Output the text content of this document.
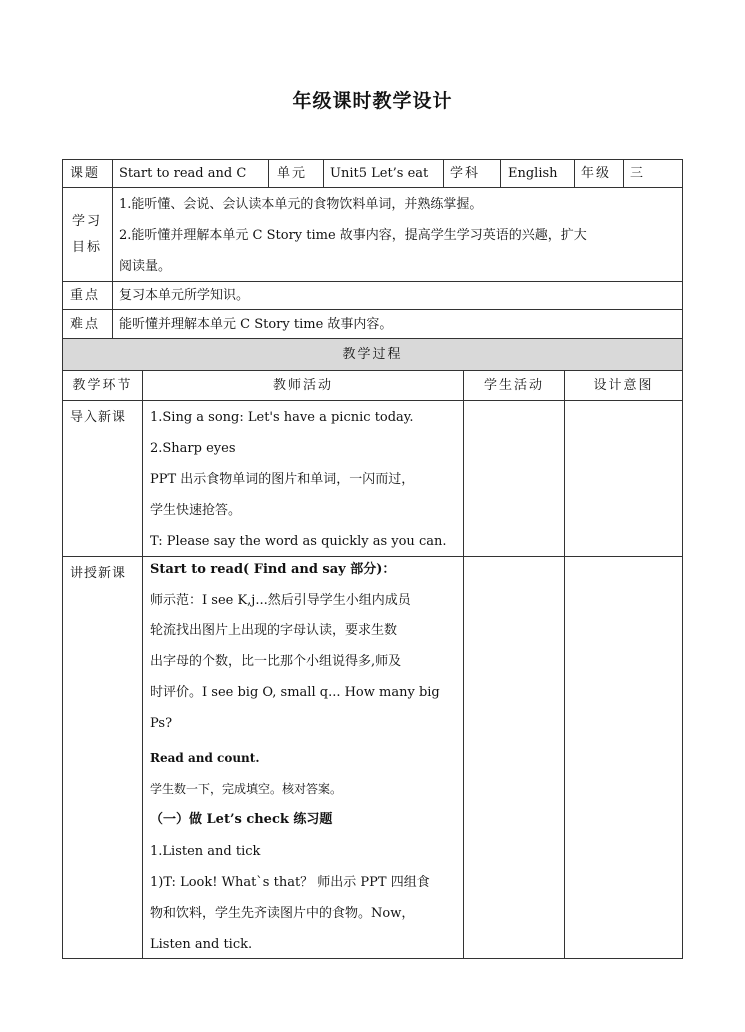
年级课时教学设计
课题 Start to read and C 单元 Unit5 Let’s eat 学科 English 年级 三
学习
目标
1.能听懂、会说、会认读本单元的食物饮料单词，并熟练掌握。
2.能听懂并理解本单元 C Story time 故事内容，提高学生学习英语的兴趣，扩大
阅读量。
重点 复习本单元所学知识。
难点 能听懂并理解本单元 C Story time 故事内容。
教学过程
教学环节	教师活动	学生活动	设计意图
导入新课 1.Sing a song: Let's have a picnic today.
2.Sharp eyes
PPT 出示食物单词的图片和单词，一闪而过，
学生快速抢答。
T: Please say the word as quickly as you can.
讲授新课 Start to read( Find and say 部分)：
师示范：I see K,j...然后引导学生小组内成员
轮流找出图片上出现的字母认读，要求生数
出字母的个数，比一比那个小组说得多,师及
时评价。I see big O, small q... How many big
Ps?
Read and count.
学生数一下，完成填空。核对答案。
（一）做 Let’s check 练习题
1.Listen and tick
1)T: Look! What`s that？ 师出示 PPT 四组食
物和饮料，学生先齐读图片中的食物。Now，
Listen and tick.
